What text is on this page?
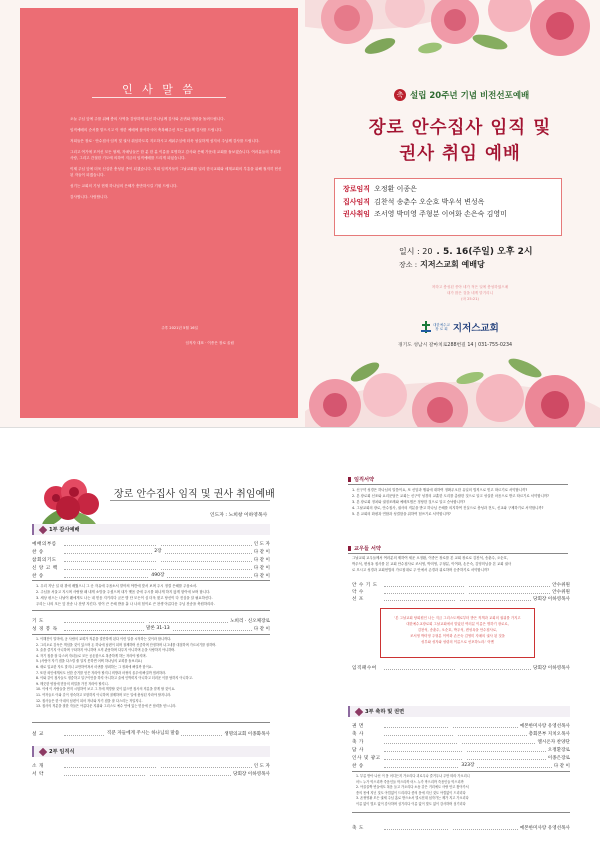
인 사 말 씀

오늘 주님 앞에 주를 위해 충의 사역을 감당하게 되신 하나님께 감사와 존귀와 영광을 돌려드립니다.

임직예배의 순서를 맡으시고 이 귀한 예배에 참석하시어 축복해주신 모든 분들께 감사를 드립니다.

저희들은 장로 · 안수집사 임직 및 권사 취임하도록 지도하시고 세워주심에 더욱 성실하게 섬겨서 주님께 감사를 드립니다.

그리고 여기에 모이신 모든 형제, 자매님들은 한 분 한 분 이름을 호명하고 감사와 은혜 가운데 교회를 돌보겠습니다. 여러분들의 후원과 사랑, 그리고 간절한 기도에 의하여 지금의 임직예배를 드리게 되었습니다.

이제 주님 앞에 더욱 신실한 충성된 종이 되겠습니다. 저희 임직자들이 그날교회를 널리 한국교회와 세계교회의 부흥을 위해 철저히 헌신된 자들이 되겠습니다.

섬기는 교회의 기성 현재 하나님의 은혜가 충만하시길 기원 드립니다.

감사합니다. 사랑합니다.

주후 2021년 5월 16일
임직자 대표 · 이종은 장로 올림
축 설립 20주년 기념 비전선포예배
장로 안수집사 임직 및
권사 취임 예배
장로임직 오정환 이종은
집사임직 김찬석 송춘수 오순호 박우석 변성옥
권사취임 조서영 박미영 주형분 이여화 손은숙 김영미
일시 : 20 . 5. 16(주일) 오후 2시
장소 : 지저스교회 예배당
착하고 충성된 종아 네가 적은 일에 충성하였으매
내가 많은 것을 네게 맡기리니
(마 25:21)
대한예수교
장 로 회 지저스교회
경기도 성남시 갈마치로288번길 14 | 031-755-0234
장로 안수집사 임직 및 권사 취임예배
인도자 : 노희창 이하영목사
1부 감사예배
예배의부름	인 도 자
찬 송	2장	다 같 이
참회의기도	다 같 이
신 앙 고 백	다 같 이
찬 송	490장	다 같 이

1. 우리 지난 일 내 곁에 배웠으니 그 곳 자유에 주옵소서 맡아져 야깐에 맞서 보며 주시 정결 은혜를 주옵소서.

2. 주님을 서울고 지시며 사랑할 때 내게 소망을 주셨으며 내가 맺음 중에 주시를 떠나게 하지 않게 함이에 보며 합니다.

3. 세상 평으는 나날이 왠에게도 나는 내 믿음 지키리다 굳은 밤 단 모든이 심 더욱 찾고 당신이 다 진심을 알 필요하신다.

우리는 나의 모든 앞 찬송 나 찬양 지킨다. 항이 큰 은혜 받을 홀 나 나의 힘이로 큰 찬생 아름다운 주님 찬송을 축원하리라.

기 도	노희리 · 신오체장로
성 경 봉 독	말론 31-13	다 같 이

1. 이해진이 말미에, 공 사람의 교회가 직분을 결단하게 된다 이런 일을 시작하는 것이라 합니까다.

2. 그리오로 감독은 책임을 것이 있으며 돈 하나에 남편이 되며 절제하며 신중하며 단정하며 나그네를 대접하며 가르치기를 잘하며.

3. 술을 즐기지 아니하며 구타하지 아니하며 오직 관용하며 다투지 아니하며 돈을 사랑하지 아니하며.

4. 자기 집을 잘 다스려 자녀들로 모든 공손함으로 복종하게 하는 자라야 할지며.

5. (사람이 자기 집을 다스릴 줄 알지 못하면 어찌 하나님의 교회를 돌보리요)

6. 새로 입교한 자도 말지니 교만하여져서 마귀를 정죄하는 그 정죄에 빠질까 함이요.

7. 또한 외인에게서도 선한 증거를 얻은 자라야 할지니 비방과 마귀의 올무에 빠질까 염려하라.

8. 이와 같이 집사들도 정중하고 일구이언을 하지 아니하고 술에 인박히지 아니하고 더러운 이를 탐하지 아니하고.

9. 깨끗한 양심에 믿음의 비밀을 가진 자라야 할지니.

10. 이에 이 사람들을 먼저 시험하여 보고 그 후에 책망할 것이 없으면 집사의 직분을 맡게 할 것이요.

11. 여자들도 이와 같이 정숙하고 모함하지 아니하며 절제하며 모든 일에 충성된 자라야 할지니라.

12. 집사들은 한 아내의 남편이 되어 자녀와 자기 집을 잘 다스리는 자일지니.

13. 집사의 직분을 잘한 자들은 아름다운 지위와 그리스도 예수 안에 있는 믿음에 큰 담력을 얻느니라.

설 교	직분 자들에게 주시는 하나님의 말씀	생명의교회 이종화목사
2부 임직식
소 개	인 도 자
서 약	당회장 이하영목사
임직서약

1. 신구약 성경은 하나님의 말씀이요, 또 신앙과 행위에 대하여 정확무오한 유일의 법칙으로 믿고 따르기로 서약합니까?

2. 본 장로회 신조와 요리문답은 교회는 신구약 성경의 교훈한 도리를 총괄한 것으로 알고 성실한 마음으로 받고 따르기로 서약합니까?

3. 본 장로회 정치와 권징조례와 예배모범은 정당한 것으로 알고 승낙합니까?

4. 그날교회의 장로, 안수집사, 권사의 직분을 받고 하나님 은혜를 의지하여 진실으로 충성과 전도, 신교와 구제하기로 서약합니까?

5. 본 교회의 화평과 연합과 성결함을 위하여 힘쓰기로 서약합니까?

교우들 서약

그날교회 교우들께서 여러분의 제하여 세운 오정환, 이종은 장로를 본 교회 장로로 김찬석, 송춘수, 오순호,

박우석, 변성옥 집사를 본 교회 안수집사로 조서영, 박미영, 주형분, 이여화, 손은숙, 김영미님을 본 교회 권사

로 모시고 성경과 교회헌법의 가르침대로 주 안에서 존경과 위로하며 순종하기로 서약합니까?

안 수 기 도	안수위원
악 수	안수위원
선 포	당회장 이하영목사
'본 그날교회 당회원인 나는 지금 그리스도께로부터 받은 직책과 교회의 권위를 가지고
대한예수교장로회 그날교회에서 맡았던 여러분 이름은 명하기 장로로,
김찬석, 송춘수, 오순호, 박우석, 변성옥을 안수집사로,
조서영 박미영 주형분 이여화 손은숙 김영미 자매의 권사 된 것을
성부와 성자와 성령의 이름으로 선포하노라.' 아멘
임직패수여	당회장 이하영목사
3부 축하 및 권면
권 면	예본한미사랑 유영선목사
축 사	총회본부 지치오목사
축 가	엘시온자 찬양단
답 사	오정환장로
인사 및 광고	이종은장로
찬 송	323장	다 같 이

1. 부름 받아 나선 이 몸 어디든지 가오리다 괴로우나 즐거우나 주만 따라 가오리니

어느 누가 막으리까 죽음인들 막으리까 어느 누가 막으리까 죽음인들 막으리까

2. 아골골짝 빈들에도 복음 들고 가오리다 소돔 같은 거리에도 사랑 안고 찾아가서

종의 몸에 지닌 것도 아낌없이 드리리다 종의 몸에 지닌 것도 아낌없이 드리리다

3. 존귀영광 모든 권세 주님 홀로 받으소서 멸시천대 십자가는 제가 지고 가오리다

이름 없이 빛도 없이 감사하며 섬기리다 이름 없이 빛도 없이 감사하며 섬기리다

축 도	예본한미사랑 유영선목사
